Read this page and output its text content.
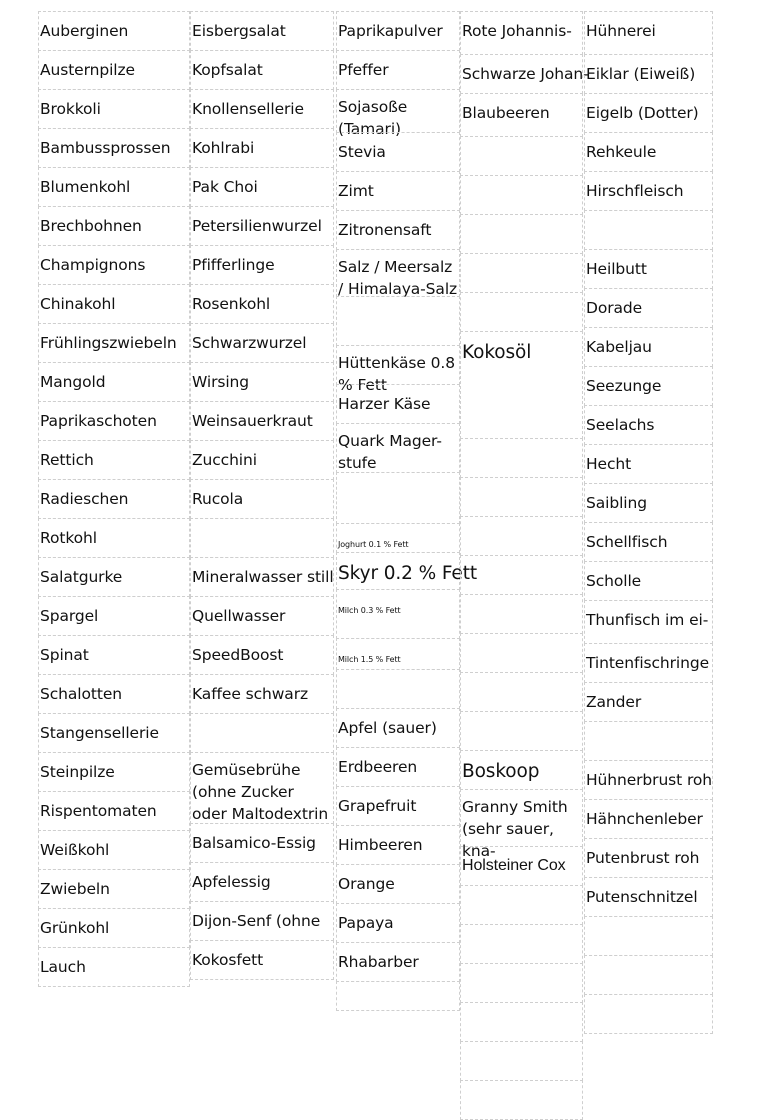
Auberginen
Austernpilze
Brokkoli
Bambussprossen
Blumenkohl
Brechbohnen
Champignons
Chinakohl
Frühlingszwiebeln
Mangold
Paprikaschoten
Rettich
Radieschen
Rotkohl
Salatgurke
Spargel
Spinat
Schalotten
Stangensellerie
Steinpilze
Rispentomaten
Weißkohl
Zwiebeln
Grünkohl
Lauch
Eisbergsalat
Kopfsalat
Knollensellerie
Kohlrabi
Pak Choi
Petersilienwurzel
Pfifferlinge
Rosenkohl
Schwarzwurzel
Wirsing
Weinsauerkraut
Zucchini
Rucola
Mineralwasser still
Quellwasser
SpeedBoost
Kaffee schwarz
Gemüsebrühe (ohne Zucker oder Maltodextrin
Balsamico-Essig
Apfelessig
Dijon-Senf (ohne
Kokosfett
Paprikapulver
Pfeffer
Sojasoße (Tamari)
Stevia
Zimt
Zitronensaft
Salz / Meersalz / Himalaya-Salz
Hüttenkäse 0.8 % Fett
Harzer Käse
Quark Mager-stufe
Joghurt 0.1 % Fett
Skyr 0.2 % Fett
Milch 0.3 % Fett
Milch 1.5 % Fett
Apfel (sauer)
Erdbeeren
Grapefruit
Himbeeren
Orange
Papaya
Rhabarber
Rote Johannis-
Schwarze Johan-
Blaubeeren
Kokosöl
Boskoop
Granny Smith (sehr sauer, kna-
Holsteiner Cox
Hühnerei
Eiklar (Eiweiß)
Eigelb (Dotter)
Rehkeule
Hirschfleisch
Heilbutt
Dorade
Kabeljau
Seezunge
Seelachs
Hecht
Saibling
Schellfisch
Scholle
Thunfisch im ei-
Tintenfischringe
Zander
Hühnerbrust roh
Hähnchenleber
Putenbrust roh
Putenschnitzel
